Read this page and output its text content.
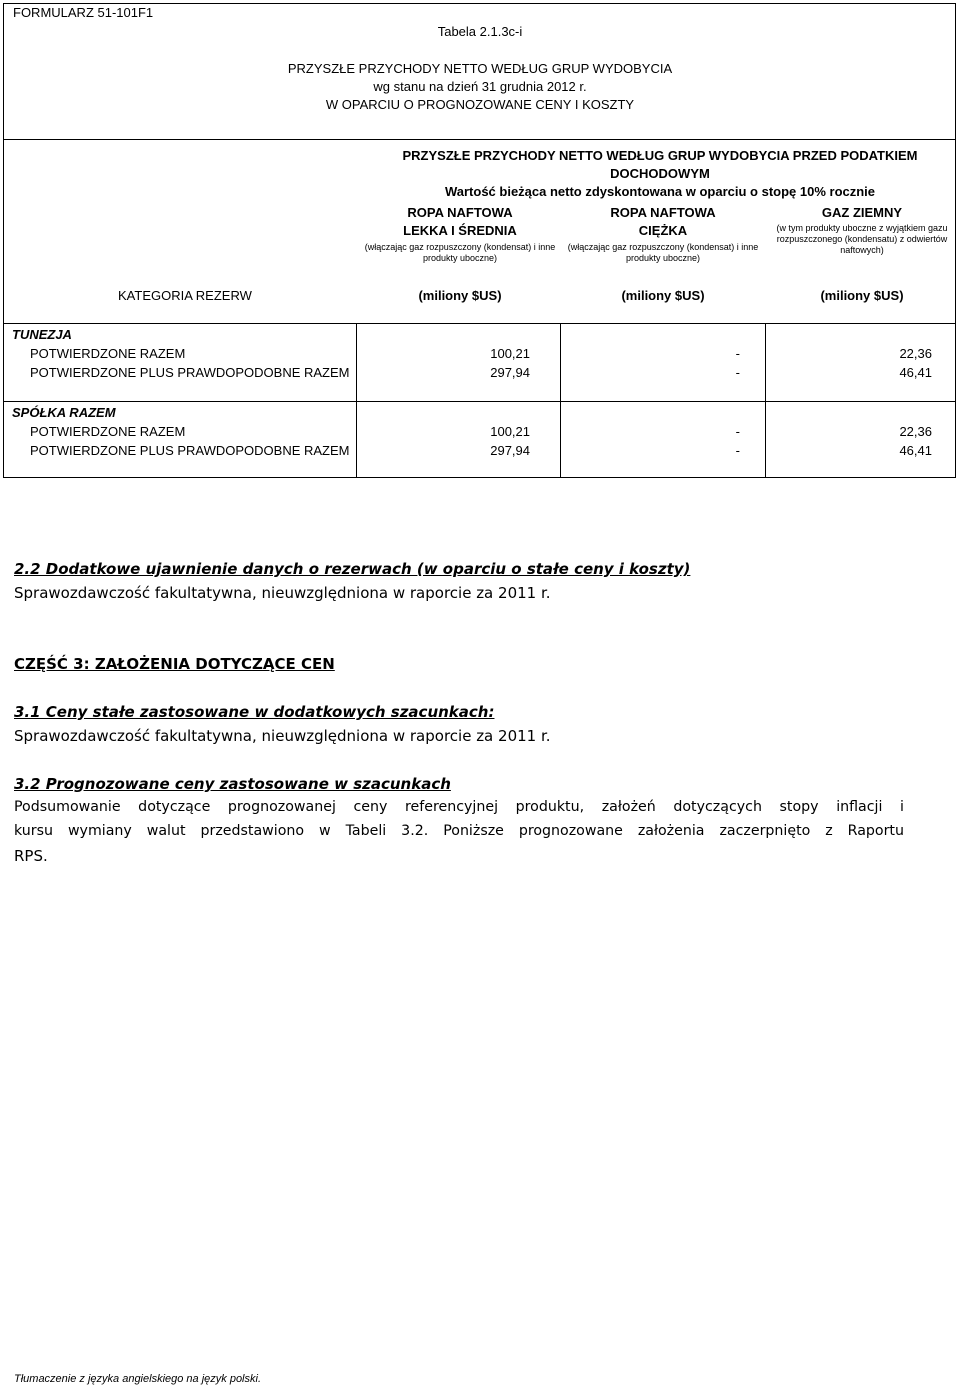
FORMULARZ 51-101F1
Tabela 2.1.3c-i
PRZYSZŁE PRZYCHODY NETTO WEDŁUG GRUP WYDOBYCIA
wg stanu na dzień 31 grudnia 2012 r.
W OPARCIU O PROGNOZOWANE CENY I KOSZTY
PRZYSZŁE PRZYCHODY NETTO WEDŁUG GRUP WYDOBYCIA PRZED PODATKIEM
DOCHODOWYM
Wartość bieżąca netto zdyskontowana w oparciu o stopę 10% rocznie
ROPA NAFTOWA
LEKKA I ŚREDNIA
(włączając gaz rozpuszczony (kondensat) i inne produkty uboczne)
ROPA NAFTOWA
CIĘŻKA
(włączając gaz rozpuszczony (kondensat) i inne produkty uboczne)
GAZ ZIEMNY
(w tym produkty uboczne z wyjątkiem gazu rozpuszczonego (kondensatu) z odwiertów naftowych)
KATEGORIA REZERW	(miliony $US)	(miliony $US)	(miliony $US)
TUNEZJA
POTWIERDZONE RAZEM	100,21	-	22,36
POTWIERDZONE PLUS PRAWDOPODOBNE RAZEM	297,94	-	46,41
SPÓŁKA RAZEM
POTWIERDZONE RAZEM	100,21	-	22,36
POTWIERDZONE PLUS PRAWDOPODOBNE RAZEM	297,94	-	46,41
2.2 Dodatkowe ujawnienie danych o rezerwach (w oparciu o stałe ceny i koszty)
Sprawozdawczość fakultatywna, nieuwzględniona w raporcie za 2011 r.
CZĘŚĆ 3: ZAŁOŻENIA DOTYCZĄCE CEN
3.1 Ceny stałe zastosowane w dodatkowych szacunkach:
Sprawozdawczość fakultatywna, nieuwzględniona w raporcie za 2011 r.
3.2 Prognozowane ceny zastosowane w szacunkach
Podsumowanie dotyczące prognozowanej ceny referencyjnej produktu, założeń dotyczących stopy inflacji i
kursu wymiany walut przedstawiono w Tabeli 3.2. Poniższe prognozowane założenia zaczerpnięto z Raportu
RPS.
Tłumaczenie z języka angielskiego na język polski.
